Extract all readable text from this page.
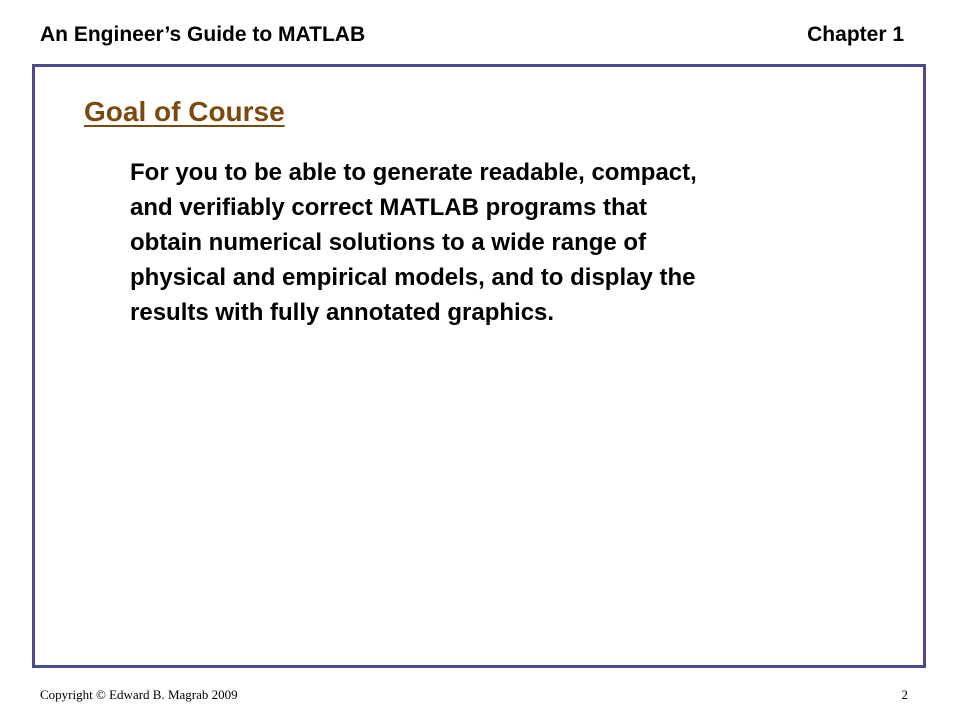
An Engineer’s Guide to MATLAB	Chapter 1
Goal of Course
For you to be able to generate readable, compact,
and verifiably correct MATLAB programs that
obtain numerical solutions to a wide range of
physical and empirical models, and to display the
results with fully annotated graphics.
Copyright © Edward B. Magrab 2009	2
